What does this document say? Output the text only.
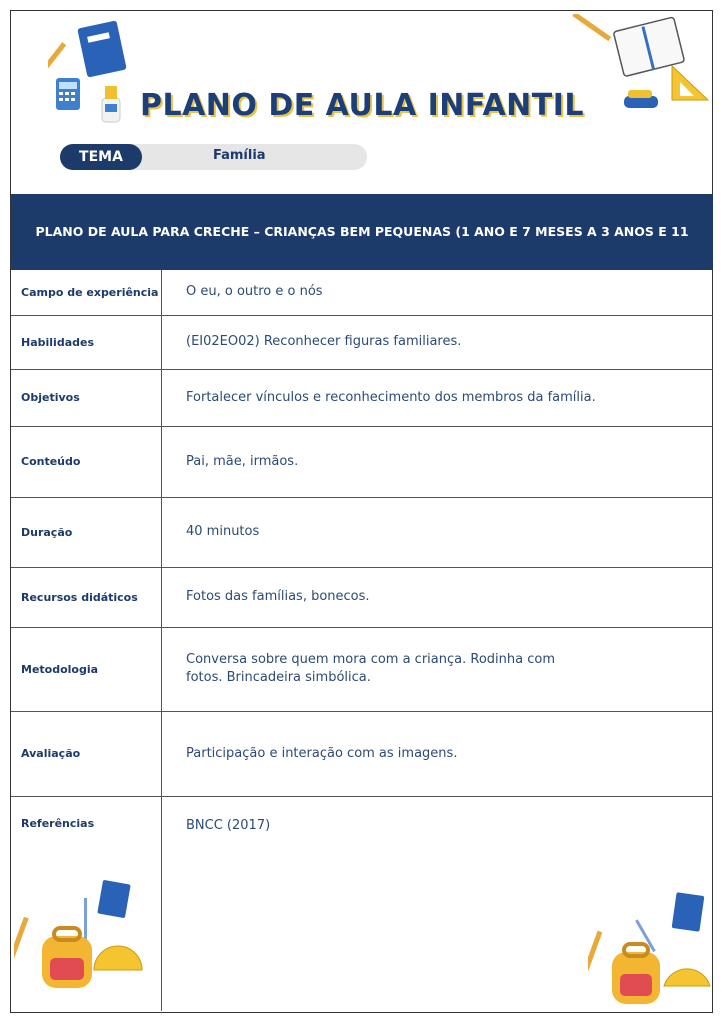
PLANO DE AULA INFANTIL
TEMA	Família
PLANO DE AULA PARA CRECHE – CRIANÇAS BEM PEQUENAS (1 ANO E 7 MESES A 3 ANOS E 11 MESES)
Campo de experiência	O eu, o outro e o nós
Habilidades	(EI02EO02) Reconhecer figuras familiares.
Objetivos	Fortalecer vínculos e reconhecimento dos membros da família.
Conteúdo	Pai, mãe, irmãos.
Duração	40 minutos
Recursos didáticos	Fotos das famílias, bonecos.
Metodologia	Conversa sobre quem mora com a criança. Rodinha com fotos. Brincadeira simbólica.
Avaliação	Participação e interação com as imagens.
Referências	BNCC (2017)
